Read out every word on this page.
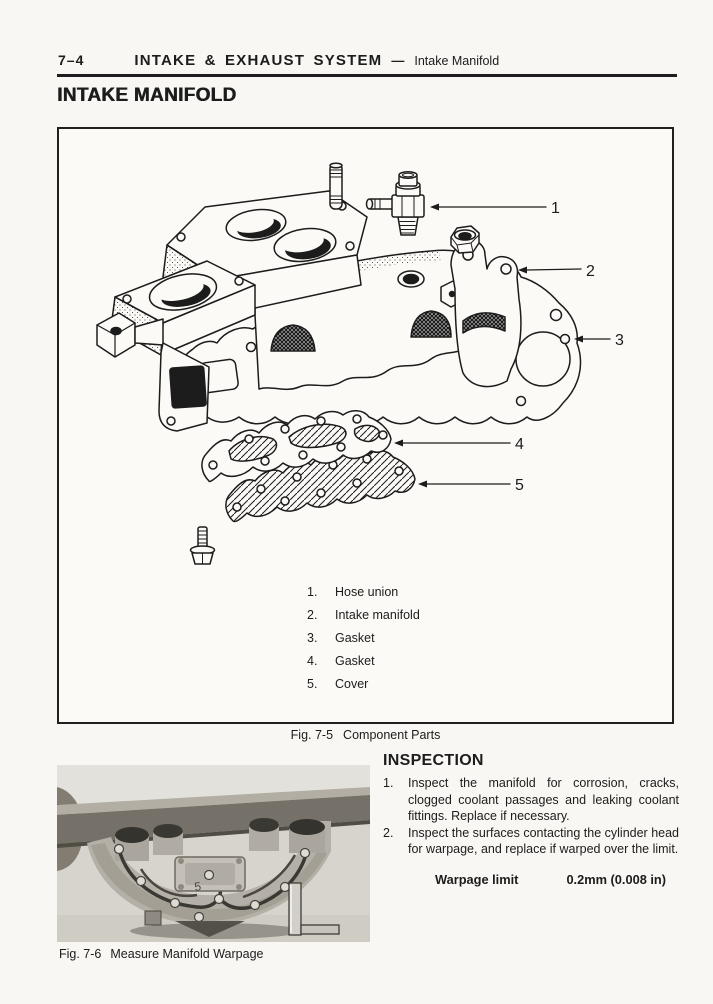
7–4	INTAKE & EXHAUST SYSTEM — Intake Manifold
INTAKE MANIFOLD
1
2
3
4
5
1.	Hose union
2.	Intake manifold
3.	Gasket
4.	Gasket
5.	Cover
Fig. 7-5 Component Parts
5
Fig. 7-6 Measure Manifold Warpage
INSPECTION
1.	Inspect the manifold for corrosion, cracks, clogged coolant passages and leaking coolant fittings. Replace if necessary.
2.	Inspect the surfaces contacting the cylinder head for warpage, and replace if warped over the limit.
Warpage limit	0.2mm (0.008 in)
